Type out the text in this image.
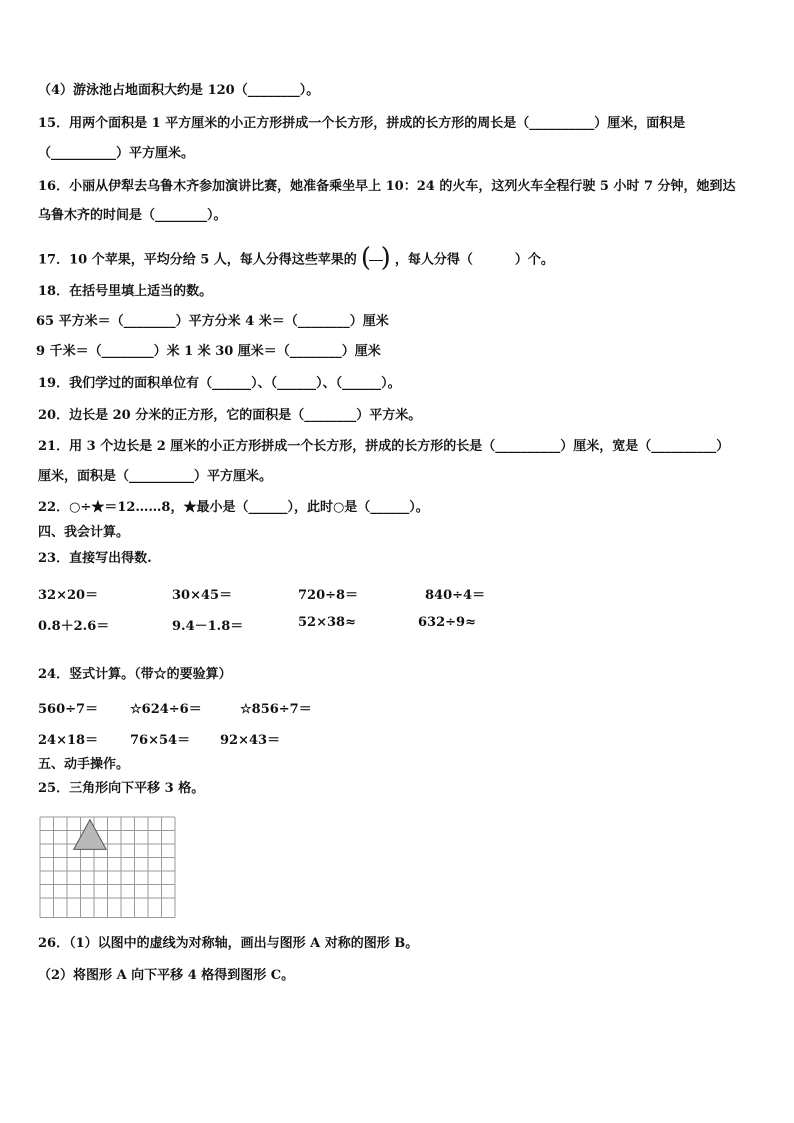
（4）游泳池占地面积大约是 120（________）。
15．用两个面积是 1 平方厘米的小正方形拼成一个长方形，拼成的长方形的周长是（__________）厘米，面积是
（__________）平方厘米。
16．小丽从伊犁去乌鲁木齐参加演讲比赛，她准备乘坐早上 10：24 的火车，这列火车全程行驶 5 小时 7 分钟，她到达
乌鲁木齐的时间是（________）。
17．10 个苹果，平均分给 5 人，每人分得这些苹果的 ( ) ，每人分得（	）个。
18．在括号里填上适当的数。
65 平方米＝（________）平方分米 4 米＝（________）厘米
9 千米＝（________）米 1 米 30 厘米＝（________）厘米
19．我们学过的面积单位有（______）、（______）、（______）。
20．边长是 20 分米的正方形，它的面积是（________）平方米。
21．用 3 个边长是 2 厘米的小正方形拼成一个长方形，拼成的长方形的长是（__________）厘米，宽是（__________）
厘米，面积是（__________）平方厘米。
22．○÷★＝12……8，★最小是（______），此时○是（______）。
四、我会计算。
23．直接写出得数.
32×20＝	30×45＝	720÷8＝	840÷4＝
0.8＋2.6＝	9.4－1.8＝	52×38≈	632÷9≈
24．竖式计算。（带☆的要验算）
560÷7＝ ☆624÷6＝	☆856÷7＝
24×18＝ 76×54＝ 92×43＝
五、动手操作。
25．三角形向下平移 3 格。
26．（1）以图中的虚线为对称轴，画出与图形 A 对称的图形 B。
（2）将图形 A 向下平移 4 格得到图形 C。
